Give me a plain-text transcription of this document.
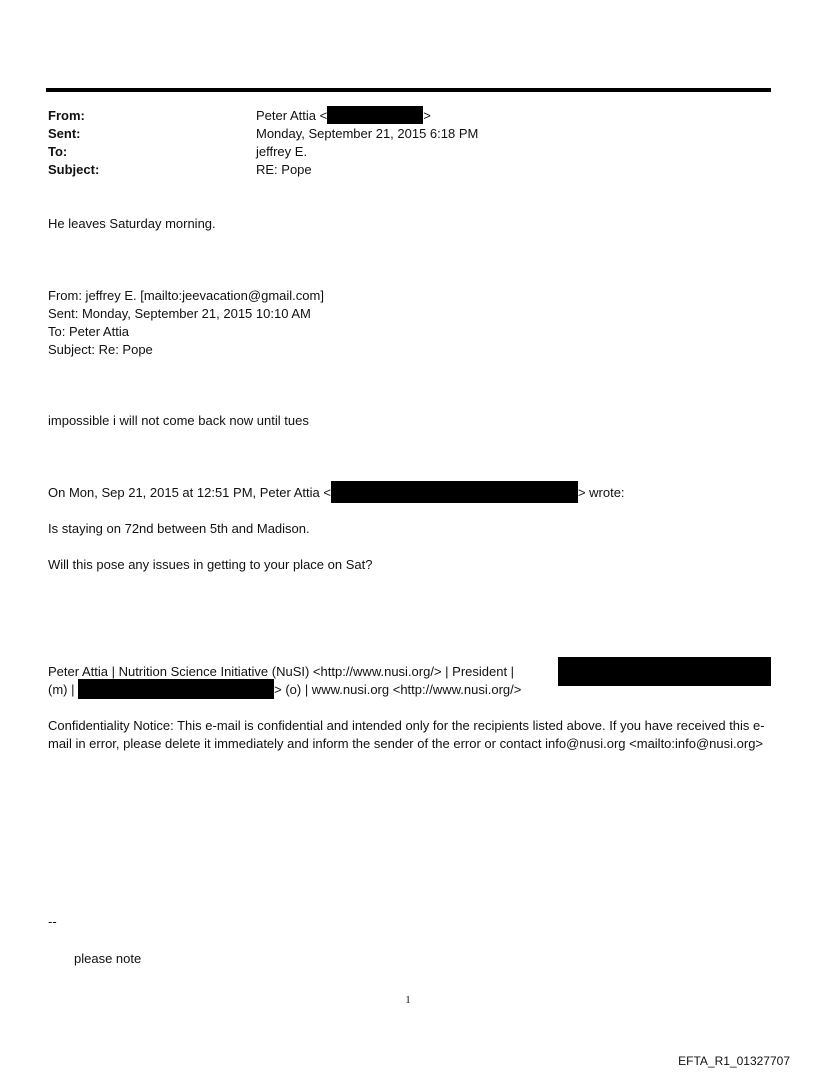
From:	Peter Attia <	>
Sent:	Monday, September 21, 2015 6:18 PM
To:	jeffrey E.
Subject:	RE: Pope
He leaves Saturday morning.
From: jeffrey E. [mailto:jeevacation@gmail.com]
Sent: Monday, September 21, 2015 10:10 AM
To: Peter Attia
Subject: Re: Pope
impossible i will not come back now until tues
On Mon, Sep 21, 2015 at 12:51 PM, Peter Attia <	> wrote:
Is staying on 72nd between 5th and Madison.
Will this pose any issues in getting to your place on Sat?
Peter Attia | Nutrition Science Initiative (NuSI) <http://www.nusi.org/> | President |
(m) |	> (o) | www.nusi.org <http://www.nusi.org/>
Confidentiality Notice: This e-mail is confidential and intended only for the recipients listed above. If you have received this e-mail in error, please delete it immediately and inform the sender of the error or contact info@nusi.org <mailto:info@nusi.org>
--
please note
1
EFTA_R1_01327707
